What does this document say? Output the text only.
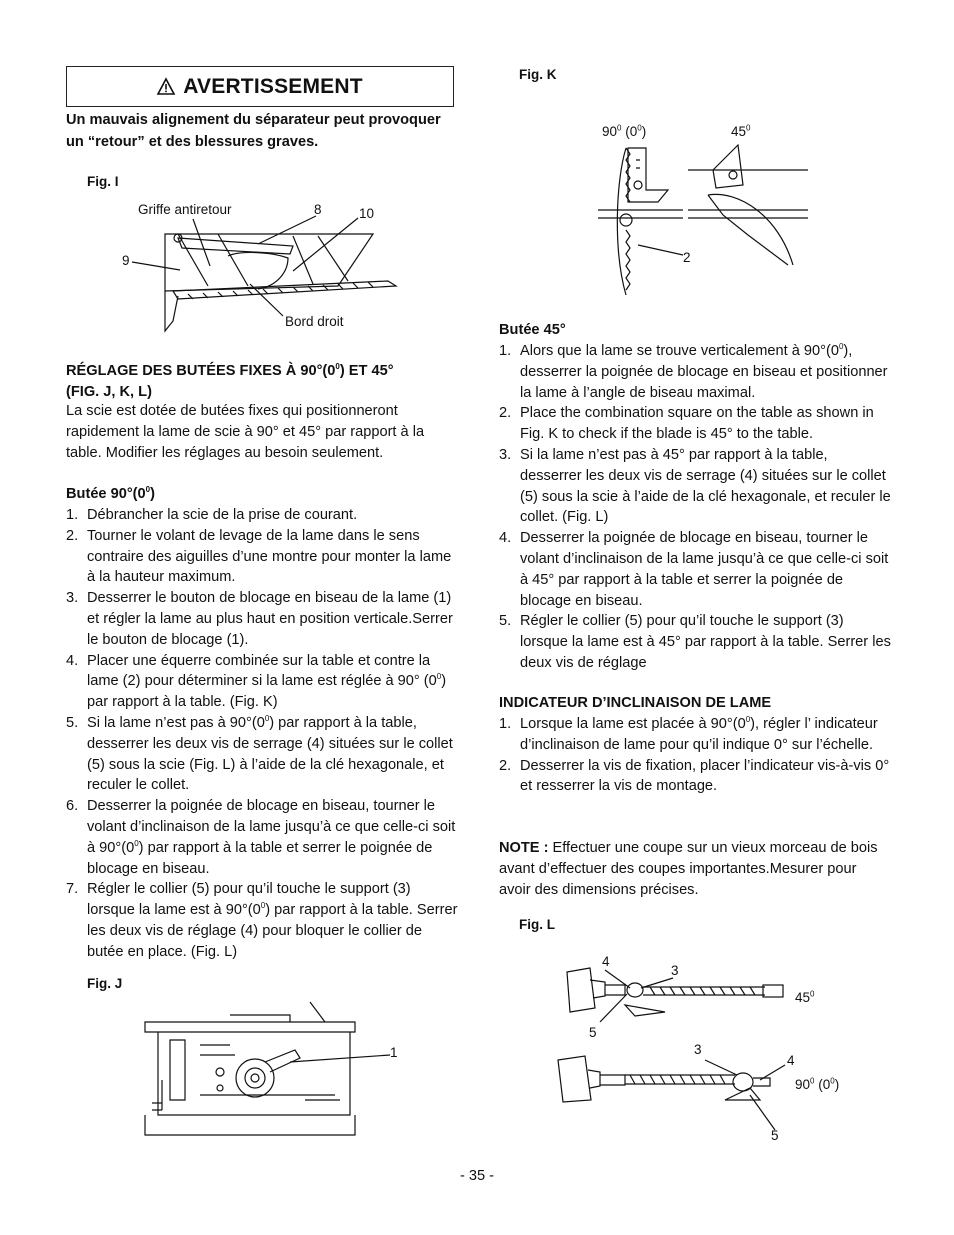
AVERTISSEMENT
Un mauvais alignement du séparateur peut provoquer un “retour” et des blessures graves.
Fig. I
Griffe antiretour	8	10
9
Bord droit
RÉGLAGE DES BUTÉES FIXES À $90^\circ(0^0)$ ET 45°
(FIG. J, K, L)
La scie est dotée de butées fixes qui positionneront rapidement la lame de scie à 90° et 45° par rapport à la table. Modifier les réglages au besoin seulement.
Butée $90^\circ(0^0)$
1. Débrancher la scie de la prise de courant.
2. Tourner le volant de levage de la lame dans le sens contraire des aiguilles d’une montre pour monter la lame à la hauteur maximum.
3. Desserrer le bouton de blocage en biseau de la lame (1) et régler la lame au plus haut en position verticale.Serrer le bouton de blocage (1).
4. Placer une équerre combinée sur la table et contre la lame (2) pour déterminer si la lame est réglée à 90° $(0^0)$ par rapport à la table. (Fig. K)
5. Si la lame n’est pas à $90^\circ(0^0)$ par rapport à la table, desserrer les deux vis de serrage (4) situées sur le collet (5) sous la scie (Fig. L) à l’aide de la clé hexagonale, et reculer le collet.
6. Desserrer la poignée de blocage en biseau, tourner le volant d’inclinaison de la lame jusqu’à ce que celle-ci soit à $90^\circ(0^0)$ par rapport à la table et serrer le poignée de blocage en biseau.
7. Régler le collier (5) pour qu’il touche le support (3) lorsque la lame est à $90^\circ(0^0)$ par rapport à la table. Serrer les deux vis de réglage (4) pour bloquer le collier de butée en place. (Fig. L)
Fig. J
1
Fig. K
$90^0$ $(0^0)$	$45^0$
2
Butée 45°
1. Alors que la lame se trouve verticalement à $90^\circ(0^0)$, desserrer la poignée de blocage en biseau et positionner la lame à l’angle de biseau maximal.
2. Place the combination square on the table as shown in Fig. K to check if the blade is 45° to the table.
3. Si la lame n’est pas à 45° par rapport à la table, desserrer les deux vis de serrage (4) situées sur le collet (5) sous la scie à l’aide de la clé hexagonale, et reculer le collet. (Fig. L)
4. Desserrer la poignée de blocage en biseau, tourner le volant d’inclinaison de la lame jusqu’à ce que celle-ci soit à 45° par rapport à la table et serrer la poignée de blocage en biseau.
5. Régler le collier (5) pour qu’il touche le support (3) lorsque la lame est à 45° par rapport à la table. Serrer les deux vis de réglage
INDICATEUR D’INCLINAISON DE LAME
1. Lorsque la lame est placée à $90^\circ(0^0)$, régler l’ indicateur d’inclinaison de lame pour qu’il indique 0° sur l’échelle.
2. Desserrer la vis de fixation, placer l’indicateur vis-à-vis 0° et resserrer la vis de montage.
NOTE : Effectuer une coupe sur un vieux morceau de bois avant d’effectuer des coupes importantes.Mesurer pour avoir des dimensions précises.
Fig. L
4
3
5
$45^0$
3
4
$90^0$ $(0^0)$
5
- 35 -
